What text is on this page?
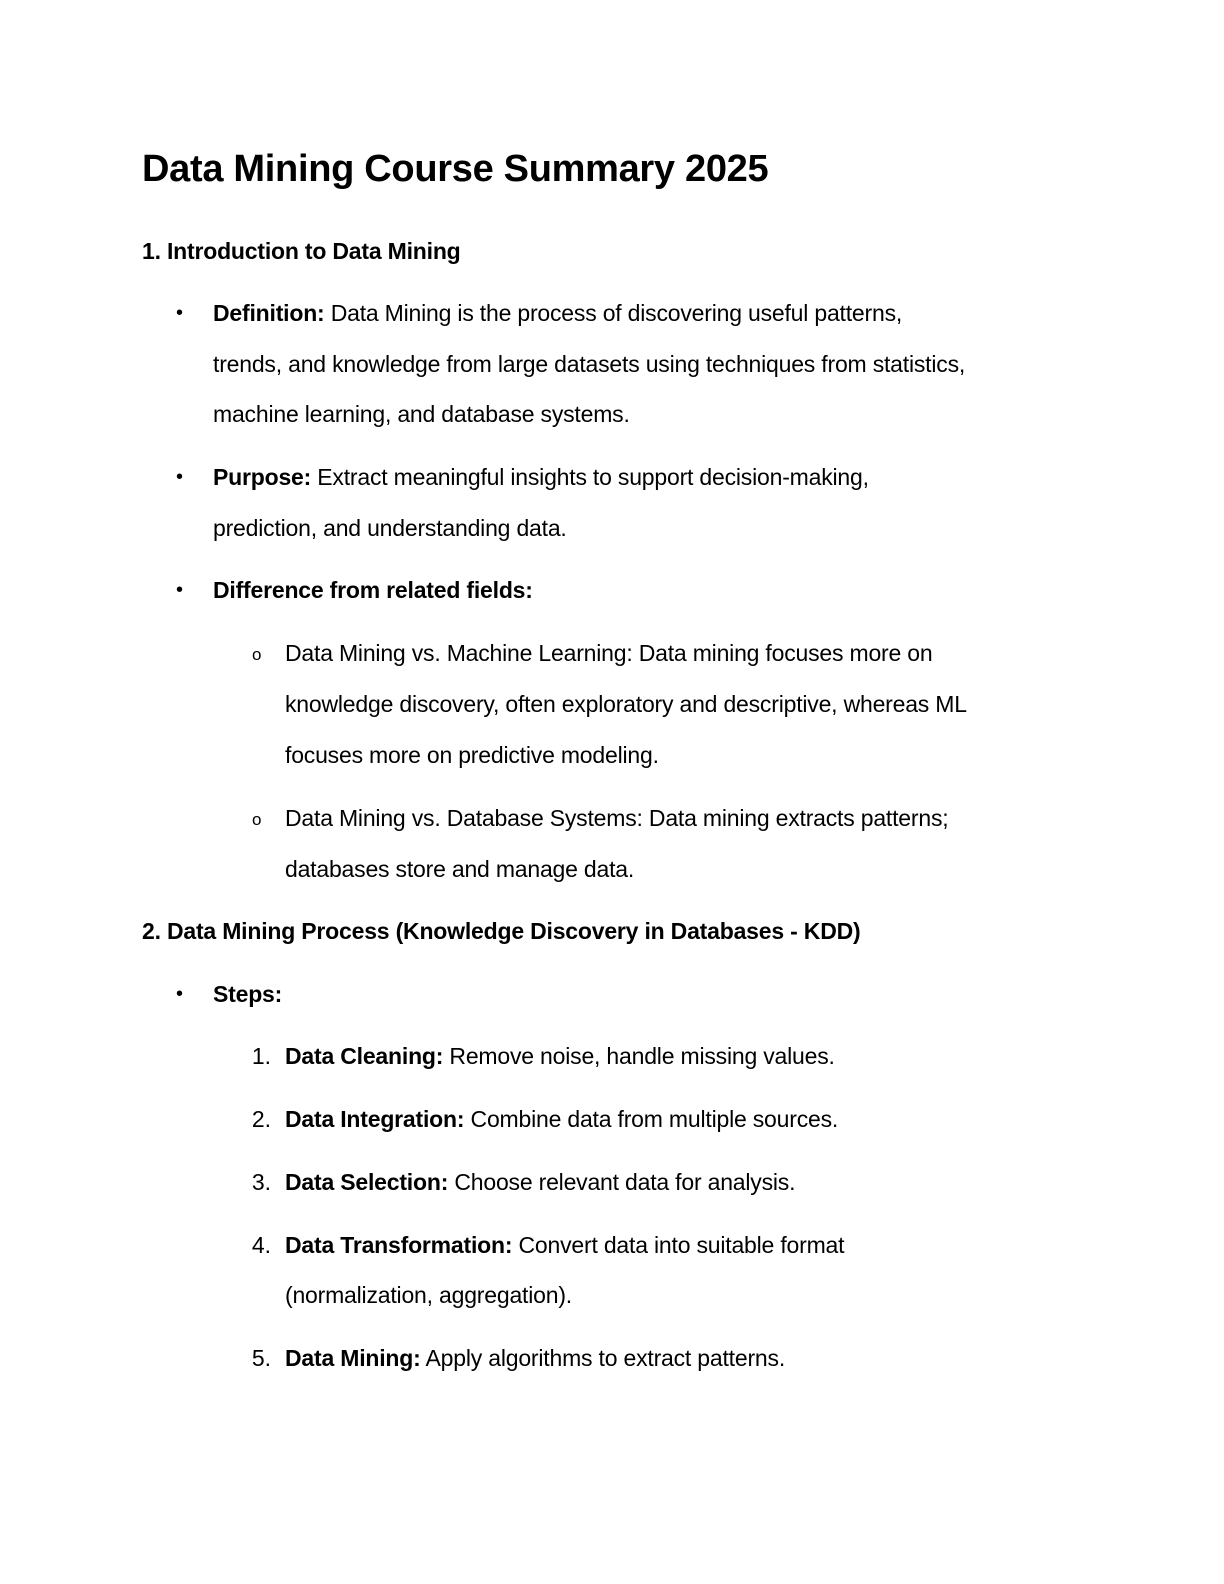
Data Mining Course Summary 2025
1. Introduction to Data Mining
• Definition: Data Mining is the process of discovering useful patterns,
trends, and knowledge from large datasets using techniques from statistics,
machine learning, and database systems.
• Purpose: Extract meaningful insights to support decision-making,
prediction, and understanding data.
• Difference from related fields:
o Data Mining vs. Machine Learning: Data mining focuses more on
knowledge discovery, often exploratory and descriptive, whereas ML
focuses more on predictive modeling.
o Data Mining vs. Database Systems: Data mining extracts patterns;
databases store and manage data.
2. Data Mining Process (Knowledge Discovery in Databases - KDD)
• Steps:
1. Data Cleaning: Remove noise, handle missing values.
2. Data Integration: Combine data from multiple sources.
3. Data Selection: Choose relevant data for analysis.
4. Data Transformation: Convert data into suitable format
(normalization, aggregation).
5. Data Mining: Apply algorithms to extract patterns.
